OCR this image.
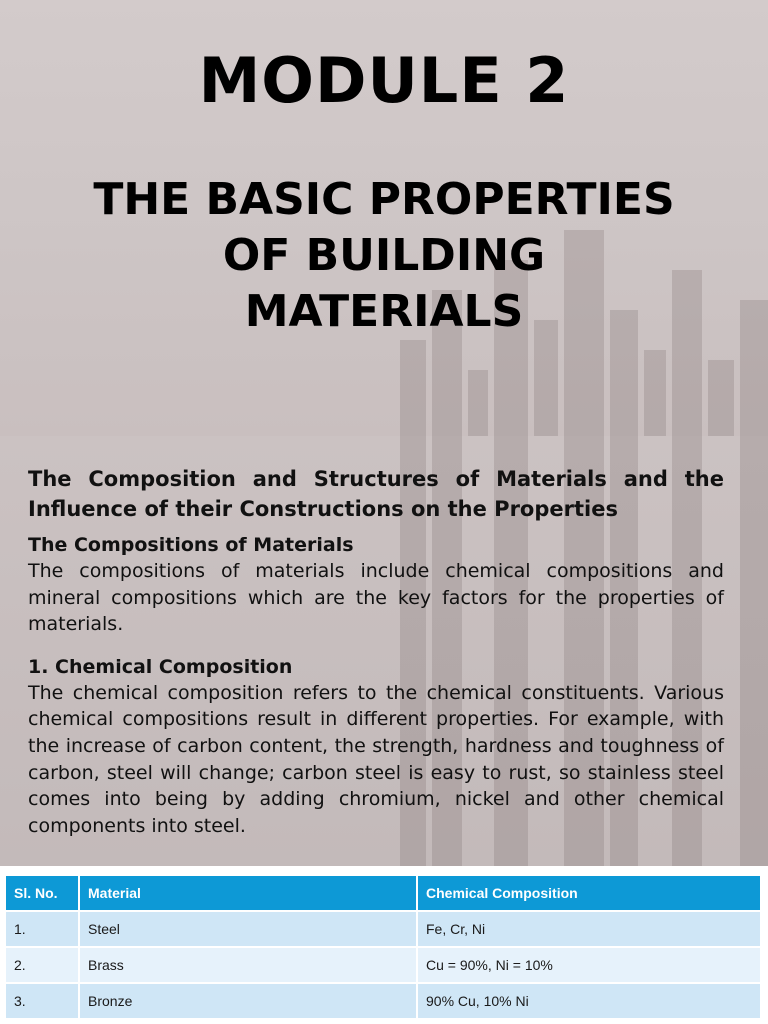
MODULE 2
THE BASIC PROPERTIES
OF BUILDING
MATERIALS

The Composition and Structures of Materials and the Influence of their Constructions on the Properties

The Compositions of Materials

The compositions of materials include chemical compositions and mineral compositions which are the key factors for the properties of materials.

1. Chemical Composition

The chemical composition refers to the chemical constituents. Various chemical compositions result in different properties. For example, with the increase of carbon content, the strength, hardness and toughness of carbon, steel will change; carbon steel is easy to rust, so stainless steel comes into being by adding chromium, nickel and other chemical components into steel.

Sl. No.	Material	Chemical Composition
1.	Steel	Fe, Cr, Ni
2.	Brass	Cu = 90%, Ni = 10%
3.	Bronze	90% Cu, 10% Ni
